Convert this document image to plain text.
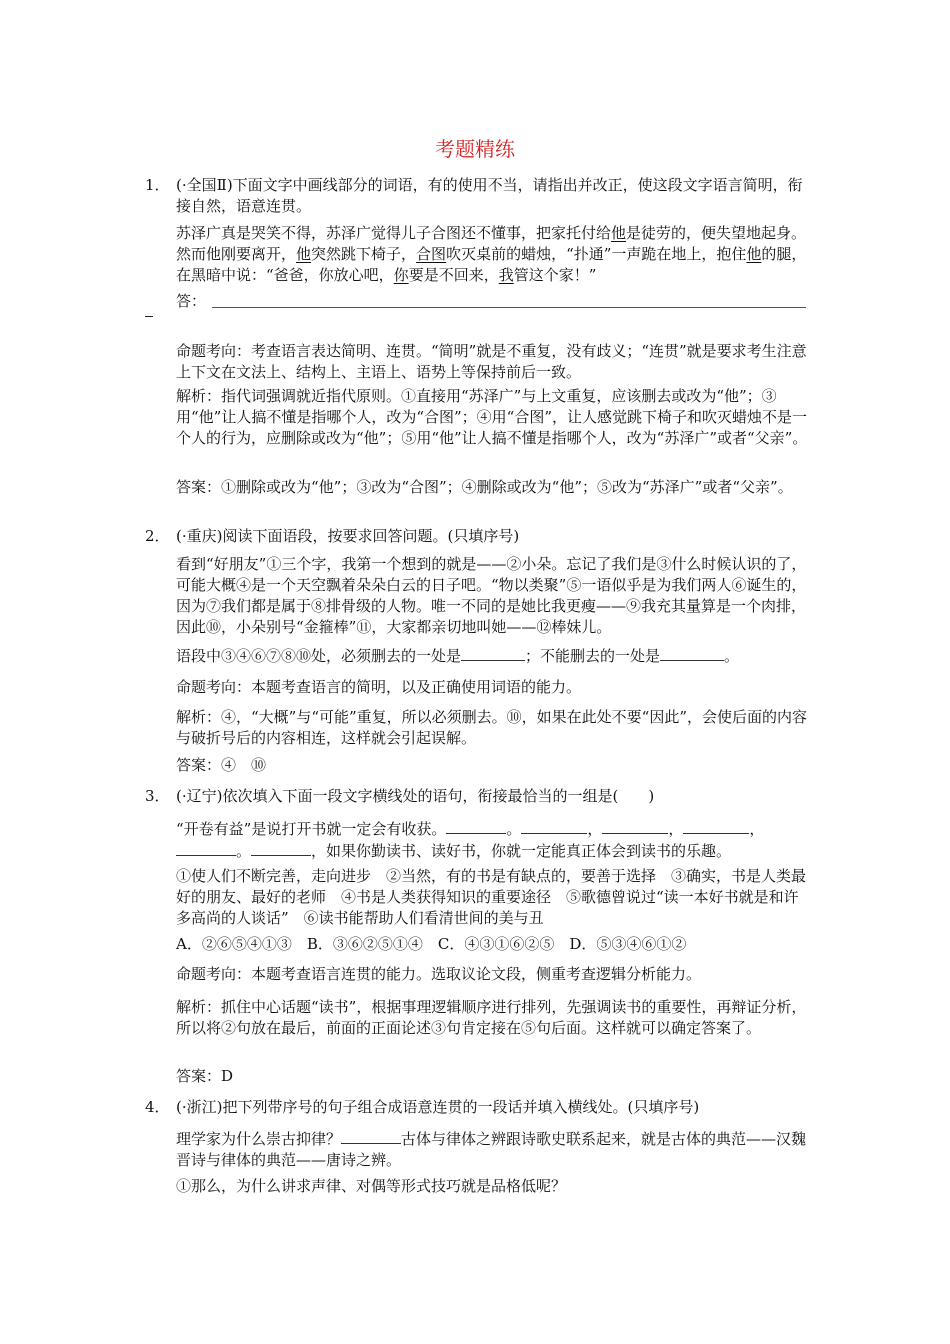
考题精练

1． (·全国Ⅱ)下面文字中画线部分的词语，有的使用不当，请指出并改正，使这段文字语言简明，衔接自然，语意连贯。

苏泽广真是哭笑不得，苏泽广觉得儿子合图还不懂事，把家托付给他是徒劳的，便失望地起身。然而他刚要离开，他突然跳下椅子，合图吹灭桌前的蜡烛，“扑通”一声跪在地上，抱住他的腿，在黑暗中说：“爸爸，你放心吧，你要是不回来，我管这个家！”

答：

命题考向：考查语言表达简明、连贯。“简明”就是不重复，没有歧义；“连贯”就是要求考生注意上下文在文法上、结构上、主语上、语势上等保持前后一致。

解析：指代词强调就近指代原则。①直接用“苏泽广”与上文重复，应该删去或改为“他”；③用“他”让人搞不懂是指哪个人，改为“合图”；④用“合图”，让人感觉跳下椅子和吹灭蜡烛不是一个人的行为，应删除或改为“他”；⑤用“他”让人搞不懂是指哪个人，改为“苏泽广”或者“父亲”。

答案：①删除或改为“他”；③改为“合图”；④删除或改为“他”；⑤改为“苏泽广”或者“父亲”。

2． (·重庆)阅读下面语段，按要求回答问题。(只填序号)

看到“好朋友”①三个字，我第一个想到的就是——②小朵。忘记了我们是③什么时候认识的了，可能大概④是一个天空飘着朵朵白云的日子吧。“物以类聚”⑤一语似乎是为我们两人⑥诞生的，因为⑦我们都是属于⑧排骨级的人物。唯一不同的是她比我更瘦——⑨我充其量算是一个肉排，因此⑩，小朵别号“金箍棒”⑪，大家都亲切地叫她——⑫棒妹儿。

语段中③④⑥⑦⑧⑩处，必须删去的一处是	；不能删去的一处是	。

命题考向：本题考查语言的简明，以及正确使用词语的能力。

解析：④，“大概”与“可能”重复，所以必须删去。⑩，如果在此处不要“因此”，会使后面的内容与破折号后的内容相连，这样就会引起误解。

答案：④　⑩

3． (·辽宁)依次填入下面一段文字横线处的语句，衔接最恰当的一组是(　　)

“开卷有益”是说打开书就一定会有收获。	。	，	，	，。	，如果你勤读书、读好书，你就一定能真正体会到读书的乐趣。

①使人们不断完善，走向进步　②当然，有的书是有缺点的，要善于选择　③确实，书是人类最好的朋友、最好的老师　④书是人类获得知识的重要途径　⑤歌德曾说过“读一本好书就是和许多高尚的人谈话”　⑥读书能帮助人们看清世间的美与丑

A．②⑥⑤④①③　B．③⑥②⑤①④　C．④③①⑥②⑤　D．⑤③④⑥①②

命题考向：本题考查语言连贯的能力。选取议论文段，侧重考查逻辑分析能力。

解析：抓住中心话题“读书”，根据事理逻辑顺序进行排列，先强调读书的重要性，再辩证分析，所以将②句放在最后，前面的正面论述③句肯定接在⑤句后面。这样就可以确定答案了。

答案：D

4． (·浙江)把下列带序号的句子组合成语意连贯的一段话并填入横线处。(只填序号)

理学家为什么崇古抑律？	古体与律体之辨跟诗歌史联系起来，就是古体的典范——汉魏晋诗与律体的典范——唐诗之辨。

①那么，为什么讲求声律、对偶等形式技巧就是品格低呢？
